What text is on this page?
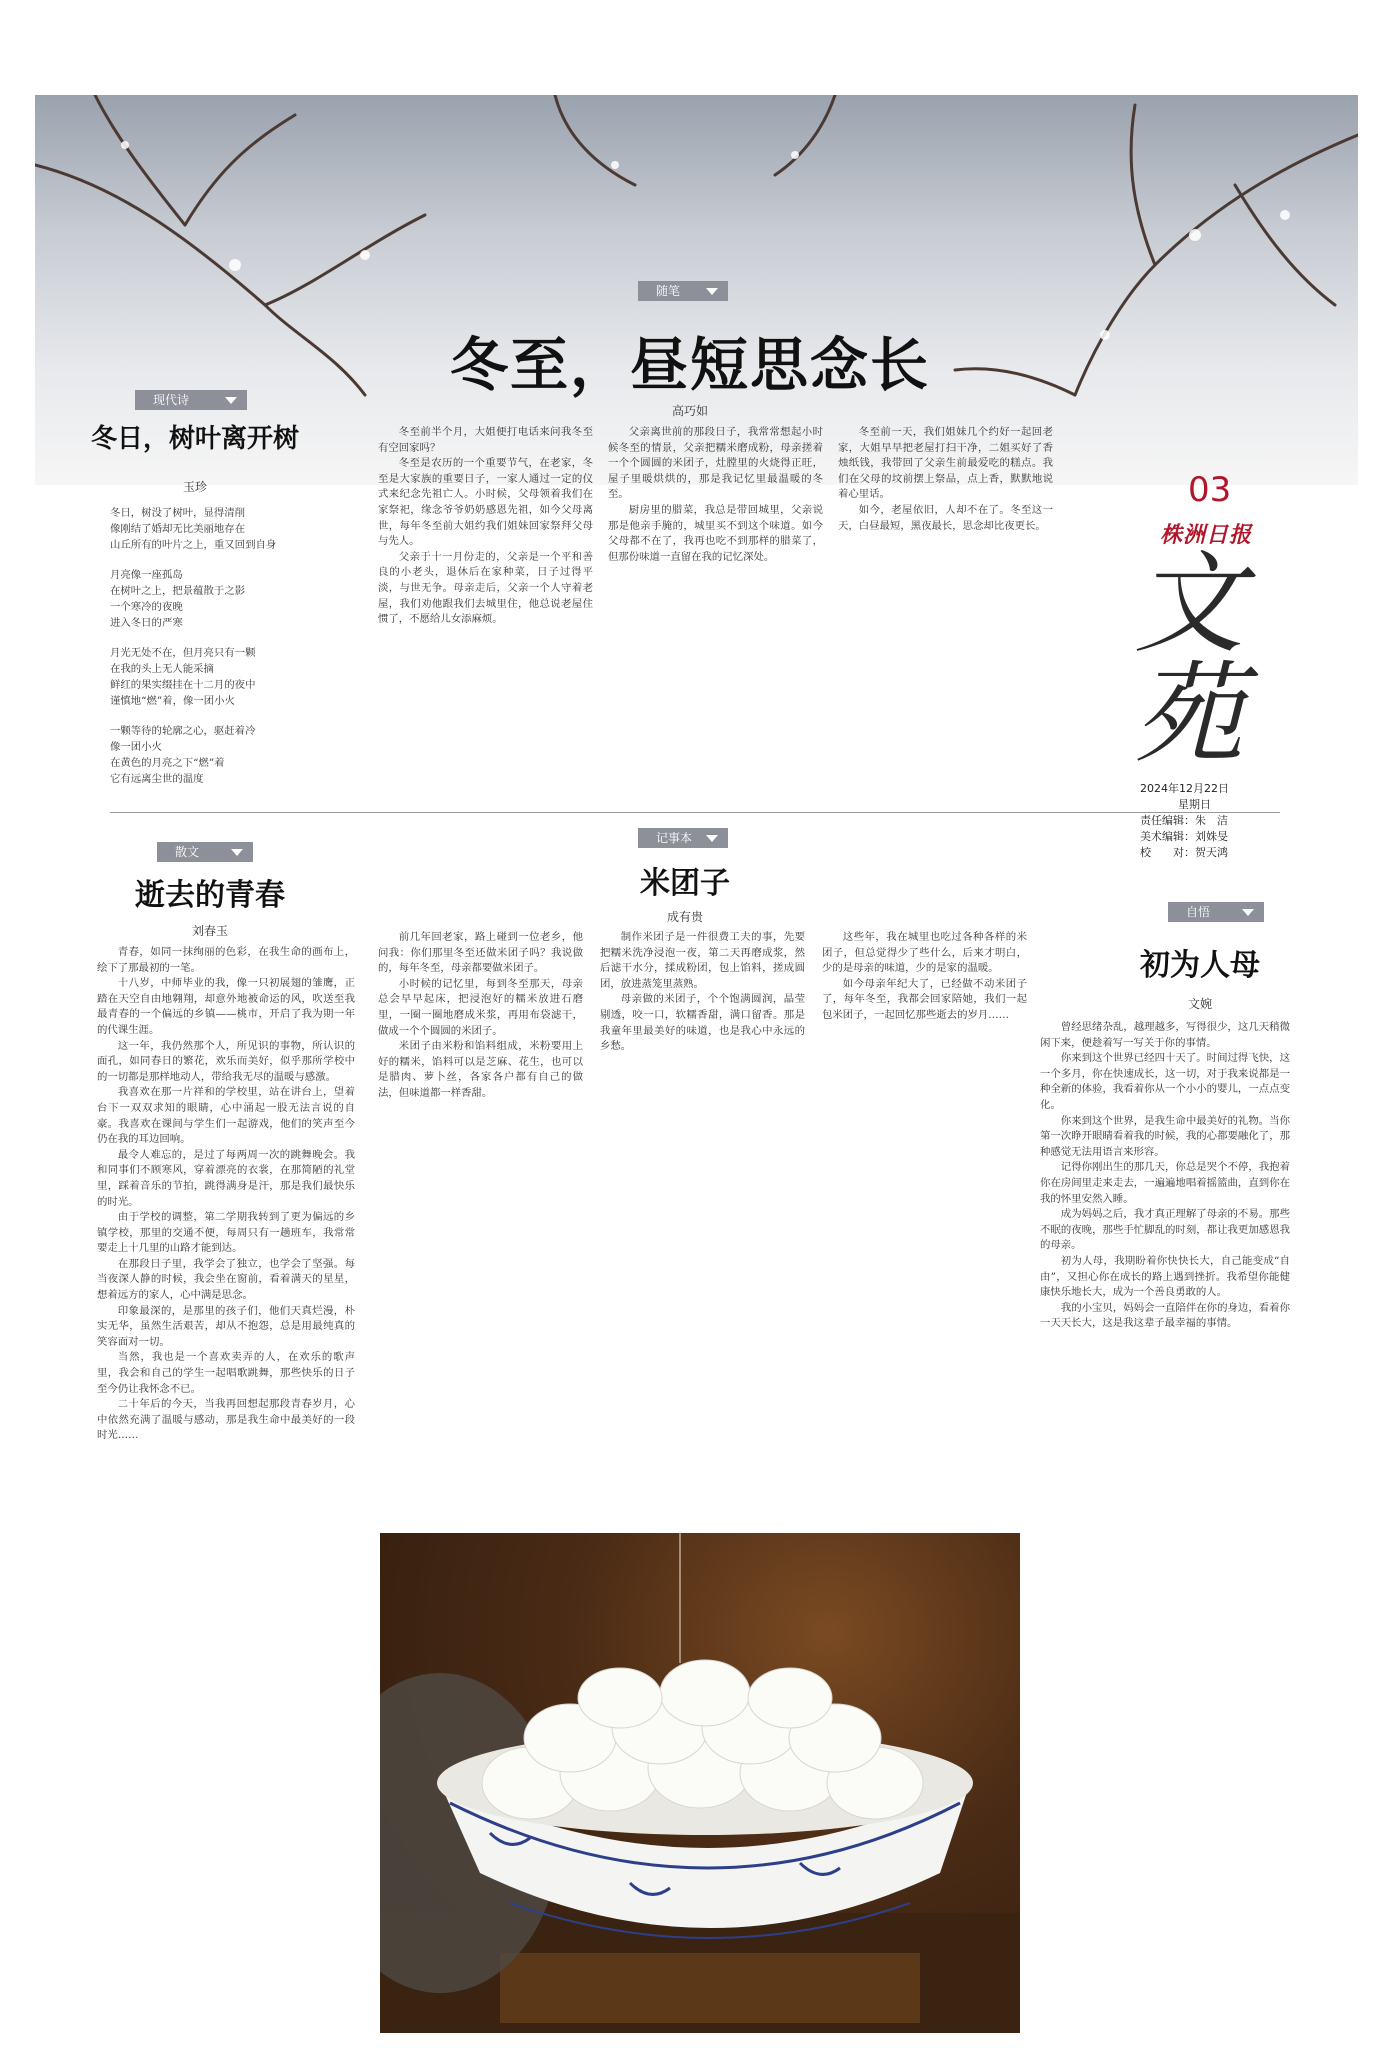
随笔
冬至，昼短思念长
高巧如
现代诗
冬日，树叶离开树
玉珍
冬日，树没了树叶，显得清削
像刚结了婚却无比美丽地存在
山丘所有的叶片之上，重又回到自身
月亮像一座孤岛
在树叶之上，把景蕴散于之影
一个寒冷的夜晚
进入冬日的严寒
月光无处不在，但月亮只有一颗
在我的头上无人能采摘
鲜红的果实缀挂在十二月的夜中
谨慎地“燃”着，像一团小火
一颗等待的轮廓之心，驱赶着冷
像一团小火
在黄色的月亮之下“燃”着
它有远离尘世的温度

冬至前半个月，大姐便打电话来问我冬至有空回家吗？

冬至是农历的一个重要节气，在老家，冬至是大家族的重要日子，一家人通过一定的仪式来纪念先祖亡人。小时候，父母领着我们在家祭祀，缘念爷爷奶奶感恩先祖，如今父母离世，每年冬至前大姐约我们姐妹回家祭拜父母与先人。

父亲于十一月份走的，父亲是一个平和善良的小老头，退休后在家种菜，日子过得平淡，与世无争。母亲走后，父亲一个人守着老屋，我们劝他跟我们去城里住，他总说老屋住惯了，不愿给儿女添麻烦。

父亲离世前的那段日子，我常常想起小时候冬至的情景，父亲把糯米磨成粉，母亲搓着一个个圆圆的米团子，灶膛里的火烧得正旺，屋子里暖烘烘的，那是我记忆里最温暖的冬至。

厨房里的腊菜，我总是带回城里，父亲说那是他亲手腌的，城里买不到这个味道。如今父母都不在了，我再也吃不到那样的腊菜了，但那份味道一直留在我的记忆深处。

冬至前一天，我们姐妹几个约好一起回老家，大姐早早把老屋打扫干净，二姐买好了香烛纸钱，我带回了父亲生前最爱吃的糕点。我们在父母的坟前摆上祭品，点上香，默默地说着心里话。

如今，老屋依旧，人却不在了。冬至这一天，白昼最短，黑夜最长，思念却比夜更长。

03
株洲日报
文苑
2024年12月22日
星期日
责任编辑：朱　洁
美术编辑：刘姝旻
校　　对：贺天鸿
散文
逝去的青春
刘春玉

青春，如同一抹绚丽的色彩，在我生命的画布上，绘下了那最初的一笔。

十八岁，中师毕业的我，像一只初展翅的雏鹰，正踏在天空自由地翱翔，却意外地被命运的风，吹送至我最青春的一个偏远的乡镇——桃市，开启了我为期一年的代课生涯。

这一年，我仍然那个人，所见识的事物，所认识的面孔，如同春日的繁花，欢乐而美好，似乎那所学校中的一切都是那样地动人，带给我无尽的温暖与感激。

我喜欢在那一片祥和的学校里，站在讲台上，望着台下一双双求知的眼睛，心中涌起一股无法言说的自豪。我喜欢在课间与学生们一起游戏，他们的笑声至今仍在我的耳边回响。

最令人难忘的，是过了每两周一次的跳舞晚会。我和同事们不顾寒风，穿着漂亮的衣裳，在那简陋的礼堂里，踩着音乐的节拍，跳得满身是汗，那是我们最快乐的时光。

由于学校的调整，第二学期我转到了更为偏远的乡镇学校，那里的交通不便，每周只有一趟班车，我常常要走上十几里的山路才能到达。

在那段日子里，我学会了独立，也学会了坚强。每当夜深人静的时候，我会坐在窗前，看着满天的星星，想着远方的家人，心中满是思念。

印象最深的，是那里的孩子们，他们天真烂漫，朴实无华，虽然生活艰苦，却从不抱怨，总是用最纯真的笑容面对一切。

当然，我也是一个喜欢卖弄的人，在欢乐的歌声里，我会和自己的学生一起唱歌跳舞，那些快乐的日子至今仍让我怀念不已。

二十年后的今天，当我再回想起那段青春岁月，心中依然充满了温暖与感动，那是我生命中最美好的一段时光……

记事本
米团子
成有贵

前几年回老家，路上碰到一位老乡，他问我：你们那里冬至还做米团子吗？我说做的，每年冬至，母亲都要做米团子。

小时候的记忆里，每到冬至那天，母亲总会早早起床，把浸泡好的糯米放进石磨里，一圈一圈地磨成米浆，再用布袋滤干，做成一个个圆圆的米团子。

米团子由米粉和馅料组成，米粉要用上好的糯米，馅料可以是芝麻、花生，也可以是腊肉、萝卜丝，各家各户都有自己的做法，但味道都一样香甜。

制作米团子是一件很费工夫的事，先要把糯米洗净浸泡一夜，第二天再磨成浆，然后滤干水分，揉成粉团，包上馅料，搓成圆团，放进蒸笼里蒸熟。

母亲做的米团子，个个饱满圆润，晶莹剔透，咬一口，软糯香甜，满口留香。那是我童年里最美好的味道，也是我心中永远的乡愁。

这些年，我在城里也吃过各种各样的米团子，但总觉得少了些什么，后来才明白，少的是母亲的味道，少的是家的温暖。

如今母亲年纪大了，已经做不动米团子了，每年冬至，我都会回家陪她，我们一起包米团子，一起回忆那些逝去的岁月……

自悟
初为人母
文婉

曾经思绪杂乱，越理越多，写得很少，这几天稍微闲下来，便趁着写一写关于你的事情。

你来到这个世界已经四十天了。时间过得飞快，这一个多月，你在快速成长，这一切，对于我来说都是一种全新的体验，我看着你从一个小小的婴儿，一点点变化。

你来到这个世界，是我生命中最美好的礼物。当你第一次睁开眼睛看着我的时候，我的心都要融化了，那种感觉无法用语言来形容。

记得你刚出生的那几天，你总是哭个不停，我抱着你在房间里走来走去，一遍遍地唱着摇篮曲，直到你在我的怀里安然入睡。

成为妈妈之后，我才真正理解了母亲的不易。那些不眠的夜晚，那些手忙脚乱的时刻，都让我更加感恩我的母亲。

初为人母，我期盼着你快快长大，自己能变成“自由”，又担心你在成长的路上遇到挫折。我希望你能健康快乐地长大，成为一个善良勇敢的人。

我的小宝贝，妈妈会一直陪伴在你的身边，看着你一天天长大，这是我这辈子最幸福的事情。
